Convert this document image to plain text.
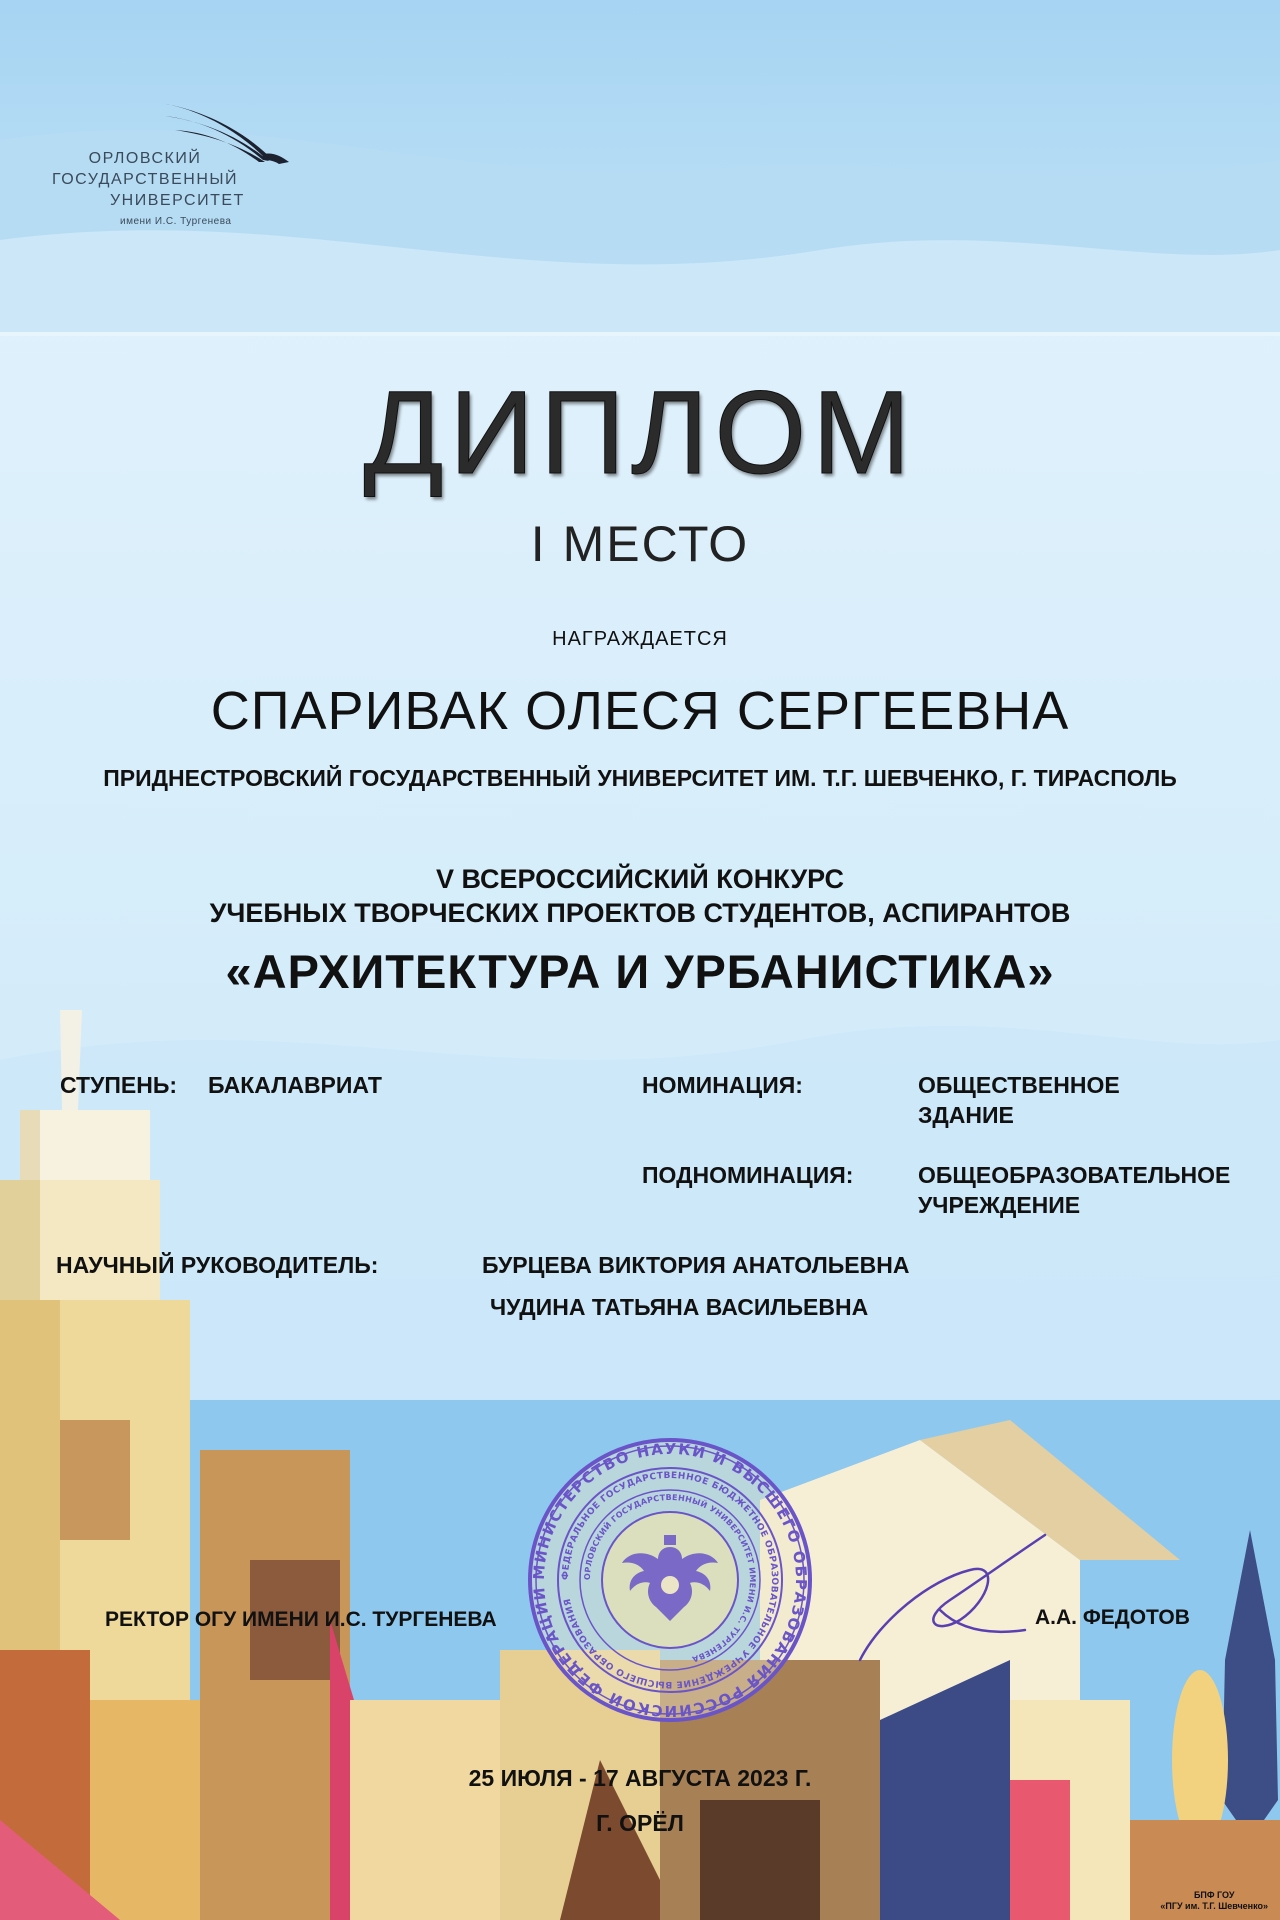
ОРЛОВСКИЙ
ГОСУДАРСТВЕННЫЙ
УНИВЕРСИТЕТ
имени И.С. Тургенева
ДИПЛОМ
I МЕСТО
НАГРАЖДАЕТСЯ
СПАРИВАК ОЛЕСЯ СЕРГЕЕВНА
ПРИДНЕСТРОВСКИЙ ГОСУДАРСТВЕННЫЙ УНИВЕРСИТЕТ ИМ. Т.Г. ШЕВЧЕНКО, Г. ТИРАСПОЛЬ
V ВСЕРОССИЙСКИЙ КОНКУРС
УЧЕБНЫХ ТВОРЧЕСКИХ ПРОЕКТОВ СТУДЕНТОВ, АСПИРАНТОВ
«АРХИТЕКТУРА И УРБАНИСТИКА»
СТУПЕНЬ: БАКАЛАВРИАТ	НОМИНАЦИЯ:	ОБЩЕСТВЕННОЕ
ЗДАНИЕ
ПОДНОМИНАЦИЯ:	ОБЩЕОБРАЗОВАТЕЛЬНОЕ
УЧРЕЖДЕНИЕ
НАУЧНЫЙ РУКОВОДИТЕЛЬ:	БУРЦЕВА ВИКТОРИЯ АНАТОЛЬЕВНА
ЧУДИНА ТАТЬЯНА ВАСИЛЬЕВНА
МИНИСТЕРСТВО НАУКИ И ВЫСШЕГО ОБРАЗОВАНИЯ РОССИЙСКОЙ ФЕДЕРАЦИИ
ФЕДЕРАЛЬНОЕ ГОСУДАРСТВЕННОЕ БЮДЖЕТНОЕ ОБРАЗОВАТЕЛЬНОЕ УЧРЕЖДЕНИЕ ВЫСШЕГО ОБРАЗОВАНИЯ
ОРЛОВСКИЙ ГОСУДАРСТВЕННЫЙ УНИВЕРСИТЕТ ИМЕНИ И.С. ТУРГЕНЕВА
РЕКТОР ОГУ ИМЕНИ И.С. ТУРГЕНЕВА	А.А. ФЕДОТОВ
25 ИЮЛЯ - 17 АВГУСТА 2023 Г.
Г. ОРЁЛ
БПФ ГОУ
«ПГУ им. Т.Г. Шевченко»
